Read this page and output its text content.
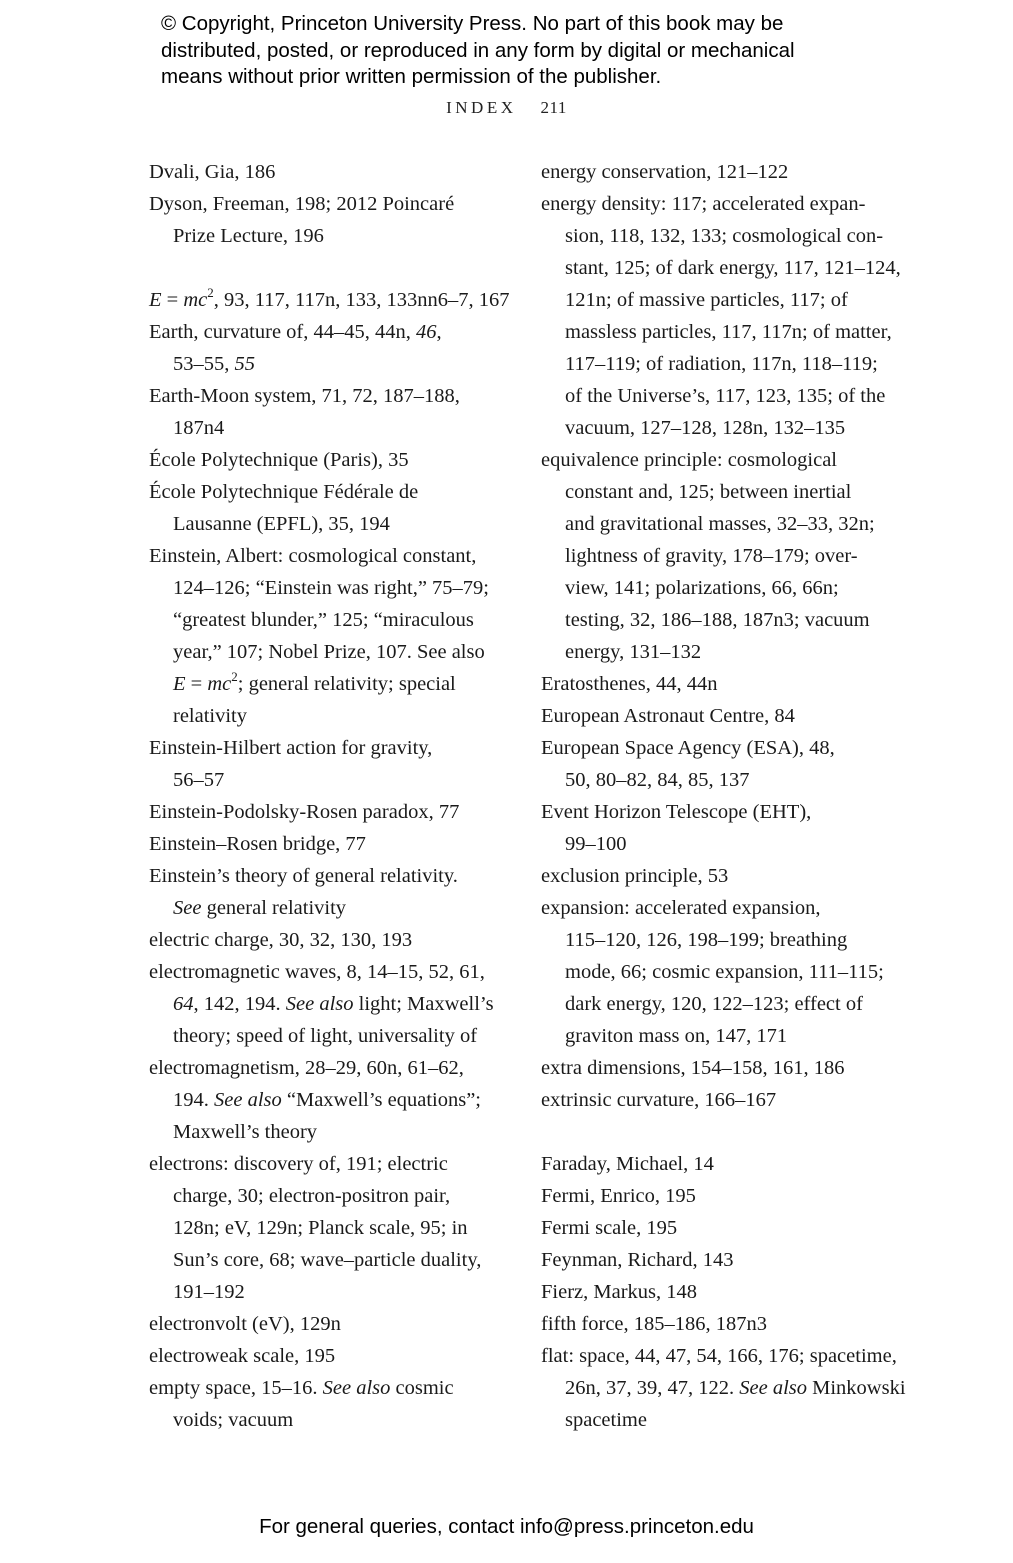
© Copyright, Princeton University Press. No part of this book may be
distributed, posted, or reproduced in any form by digital or mechanical
means without prior written permission of the publisher.
INDEX 211
Dvali, Gia, 186
Dyson, Freeman, 198; 2012 Poincaré
Prize Lecture, 196
$E = mc^2$, 93, 117, 117n, 133, 133nn6–7, 167
Earth, curvature of, 44–45, 44n, 46,
53–55, 55
Earth-Moon system, 71, 72, 187–188,
187n4
École Polytechnique (Paris), 35
École Polytechnique Fédérale de
Lausanne (EPFL), 35, 194
Einstein, Albert: cosmological constant,
124–126; “Einstein was right,” 75–79;
“greatest blunder,” 125; “miraculous
year,” 107; Nobel Prize, 107. See also
$E = mc^2$; general relativity; special
relativity
Einstein-Hilbert action for gravity,
56–57
Einstein-Podolsky-Rosen paradox, 77
Einstein–Rosen bridge, 77
Einstein’s theory of general relativity.
See general relativity
electric charge, 30, 32, 130, 193
electromagnetic waves, 8, 14–15, 52, 61,
64, 142, 194. See also light; Maxwell’s
theory; speed of light, universality of
electromagnetism, 28–29, 60n, 61–62,
194. See also “Maxwell’s equations”;
Maxwell’s theory
electrons: discovery of, 191; electric
charge, 30; electron-positron pair,
128n; eV, 129n; Planck scale, 95; in
Sun’s core, 68; wave–particle duality,
191–192
electronvolt (eV), 129n
electroweak scale, 195
empty space, 15–16. See also cosmic
voids; vacuum
energy conservation, 121–122
energy density: 117; accelerated expan-
sion, 118, 132, 133; cosmological con-
stant, 125; of dark energy, 117, 121–124,
121n; of massive particles, 117; of
massless particles, 117, 117n; of matter,
117–119; of radiation, 117n, 118–119;
of the Universe’s, 117, 123, 135; of the
vacuum, 127–128, 128n, 132–135
equivalence principle: cosmological
constant and, 125; between inertial
and gravitational masses, 32–33, 32n;
lightness of gravity, 178–179; over-
view, 141; polarizations, 66, 66n;
testing, 32, 186–188, 187n3; vacuum
energy, 131–132
Eratosthenes, 44, 44n
European Astronaut Centre, 84
European Space Agency (ESA), 48,
50, 80–82, 84, 85, 137
Event Horizon Telescope (EHT),
99–100
exclusion principle, 53
expansion: accelerated expansion,
115–120, 126, 198–199; breathing
mode, 66; cosmic expansion, 111–115;
dark energy, 120, 122–123; effect of
graviton mass on, 147, 171
extra dimensions, 154–158, 161, 186
extrinsic curvature, 166–167
Faraday, Michael, 14
Fermi, Enrico, 195
Fermi scale, 195
Feynman, Richard, 143
Fierz, Markus, 148
fifth force, 185–186, 187n3
flat: space, 44, 47, 54, 166, 176; spacetime,
26n, 37, 39, 47, 122. See also Minkowski
spacetime
For general queries, contact info@press.princeton.edu
